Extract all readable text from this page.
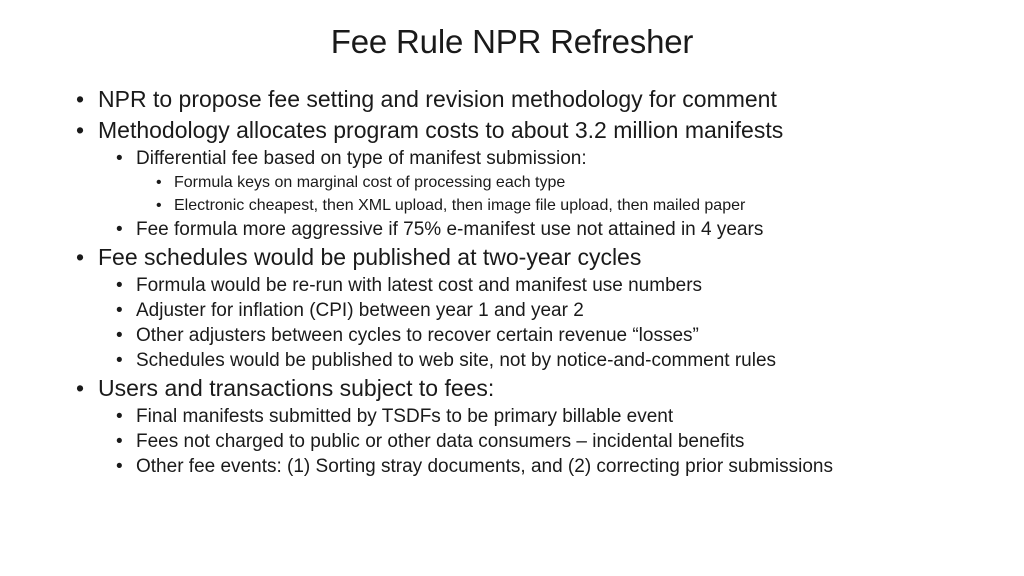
Fee Rule NPR Refresher
• NPR to propose fee setting and revision methodology for comment
• Methodology allocates program costs to about 3.2 million manifests
• Differential fee based on type of manifest submission:
• Formula keys on marginal cost of processing each type
• Electronic cheapest, then XML upload, then image file upload, then mailed paper
• Fee formula more aggressive if 75% e-manifest use not attained in 4 years
• Fee schedules would be published at two-year cycles
• Formula would be re-run with latest cost and manifest use numbers
• Adjuster for inflation (CPI) between year 1 and year 2
• Other adjusters between cycles to recover certain revenue “losses”
• Schedules would be published to web site, not by notice-and-comment rules
• Users and transactions subject to fees:
• Final manifests submitted by TSDFs to be primary billable event
• Fees not charged to public or other data consumers – incidental benefits
• Other fee events: (1) Sorting stray documents, and (2) correcting prior submissions
